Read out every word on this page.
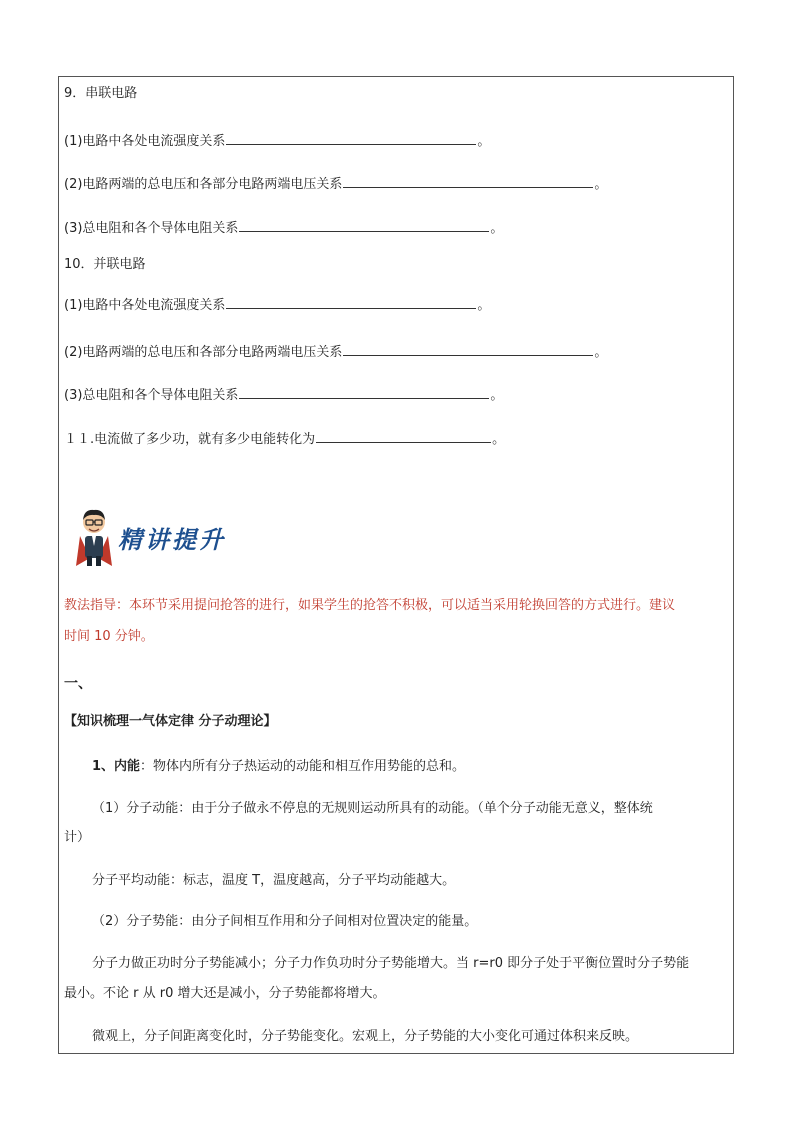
9．串联电路
(1)电路中各处电流强度关系	。
(2)电路两端的总电压和各部分电路两端电压关系	。
(3)总电阻和各个导体电阻关系	。
10．并联电路
(1)电路中各处电流强度关系	。
(2)电路两端的总电压和各部分电路两端电压关系	。
(3)总电阻和各个导体电阻关系	。
１１.电流做了多少功，就有多少电能转化为	。
精讲提升
教法指导：本环节采用提问抢答的进行，如果学生的抢答不积极，可以适当采用轮换回答的方式进行。建议
时间 10 分钟。
一、
【知识梳理一气体定律 分子动理论】
1、内能：物体内所有分子热运动的动能和相互作用势能的总和。
（1）分子动能：由于分子做永不停息的无规则运动所具有的动能。（单个分子动能无意义，整体统
计）
分子平均动能：标志，温度 T，温度越高，分子平均动能越大。
（2）分子势能：由分子间相互作用和分子间相对位置决定的能量。
分子力做正功时分子势能减小；分子力作负功时分子势能增大。当 r=r0 即分子处于平衡位置时分子势能
最小。不论 r 从 r0 增大还是减小，分子势能都将增大。
微观上，分子间距离变化时，分子势能变化。宏观上，分子势能的大小变化可通过体积来反映。
